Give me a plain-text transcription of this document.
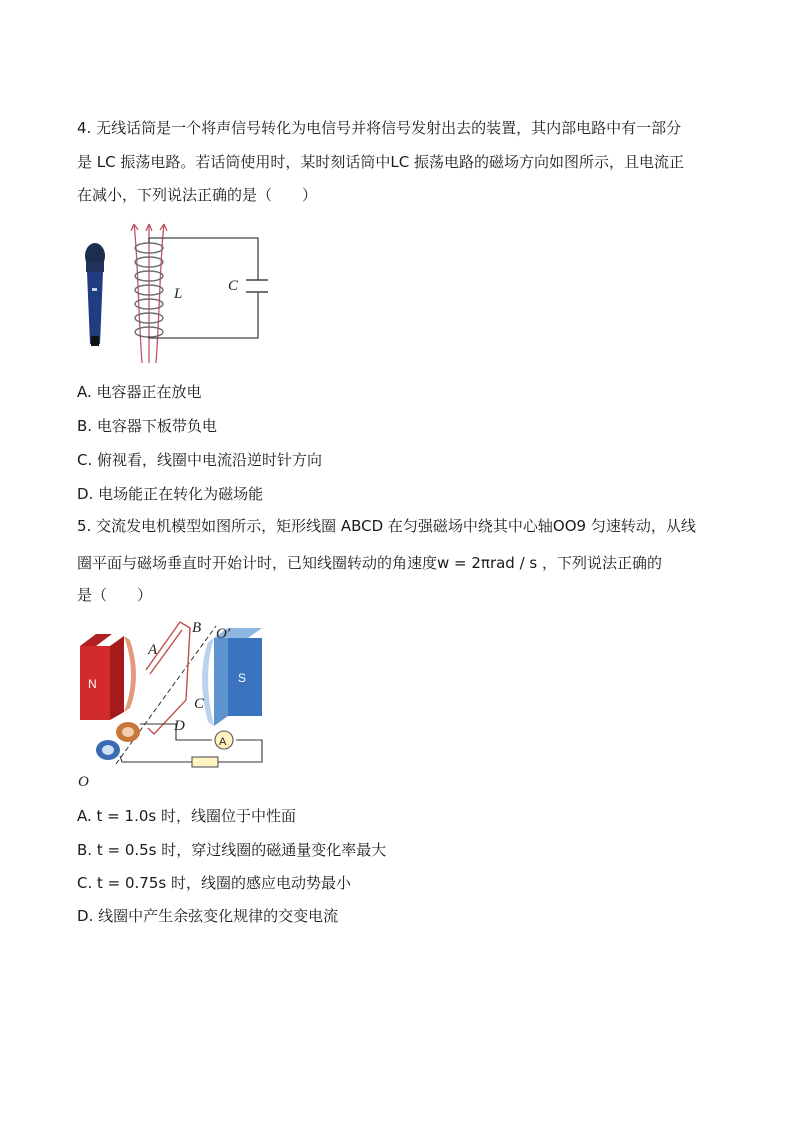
4. 无线话筒是一个将声信号转化为电信号并将信号发射出去的装置，其内部电路中有一部分
是 LC 振荡电路。若话筒使用时，某时刻话筒中LC 振荡电路的磁场方向如图所示，且电流正
在减小，下列说法正确的是（　　）
L	C
A. 电容器正在放电
B. 电容器下板带负电
C. 俯视看，线圈中电流沿逆时针方向
D. 电场能正在转化为磁场能
5. 交流发电机模型如图所示，矩形线圈 ABCD 在匀强磁场中绕其中心轴OO9 匀速转动，从线
圈平面与磁场垂直时开始计时，已知线圈转动的角速度w = 2πrad / s ，下列说法正确的
是（　　）
N	S
A
A
B O′
C
D
O
A. t = 1.0s 时，线圈位于中性面
B. t = 0.5s 时，穿过线圈的磁通量变化率最大
C. t = 0.75s 时，线圈的感应电动势最小
D. 线圈中产生余弦变化规律的交变电流
